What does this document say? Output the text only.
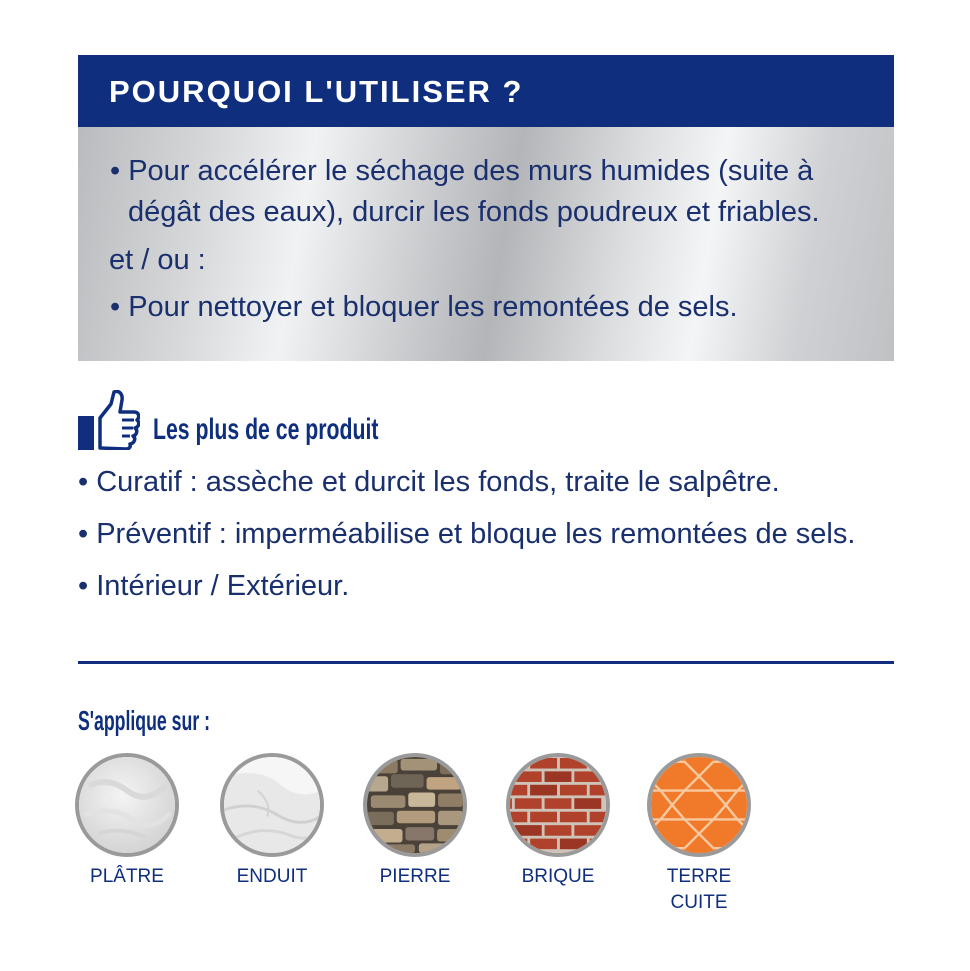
POURQUOI L'UTILISER ?
• Pour accélérer le séchage des murs humides (suite à
dégât des eaux), durcir les fonds poudreux et friables.
et / ou :
• Pour nettoyer et bloquer les remontées de sels.
Les plus de ce produit
• Curatif : assèche et durcit les fonds, traite le salpêtre.
• Préventif : imperméabilise et bloque les remontées de sels.
• Intérieur / Extérieur.
S'applique sur :
PLÂTRE	ENDUIT	PIERRE	BRIQUE	TERRE
CUITE
